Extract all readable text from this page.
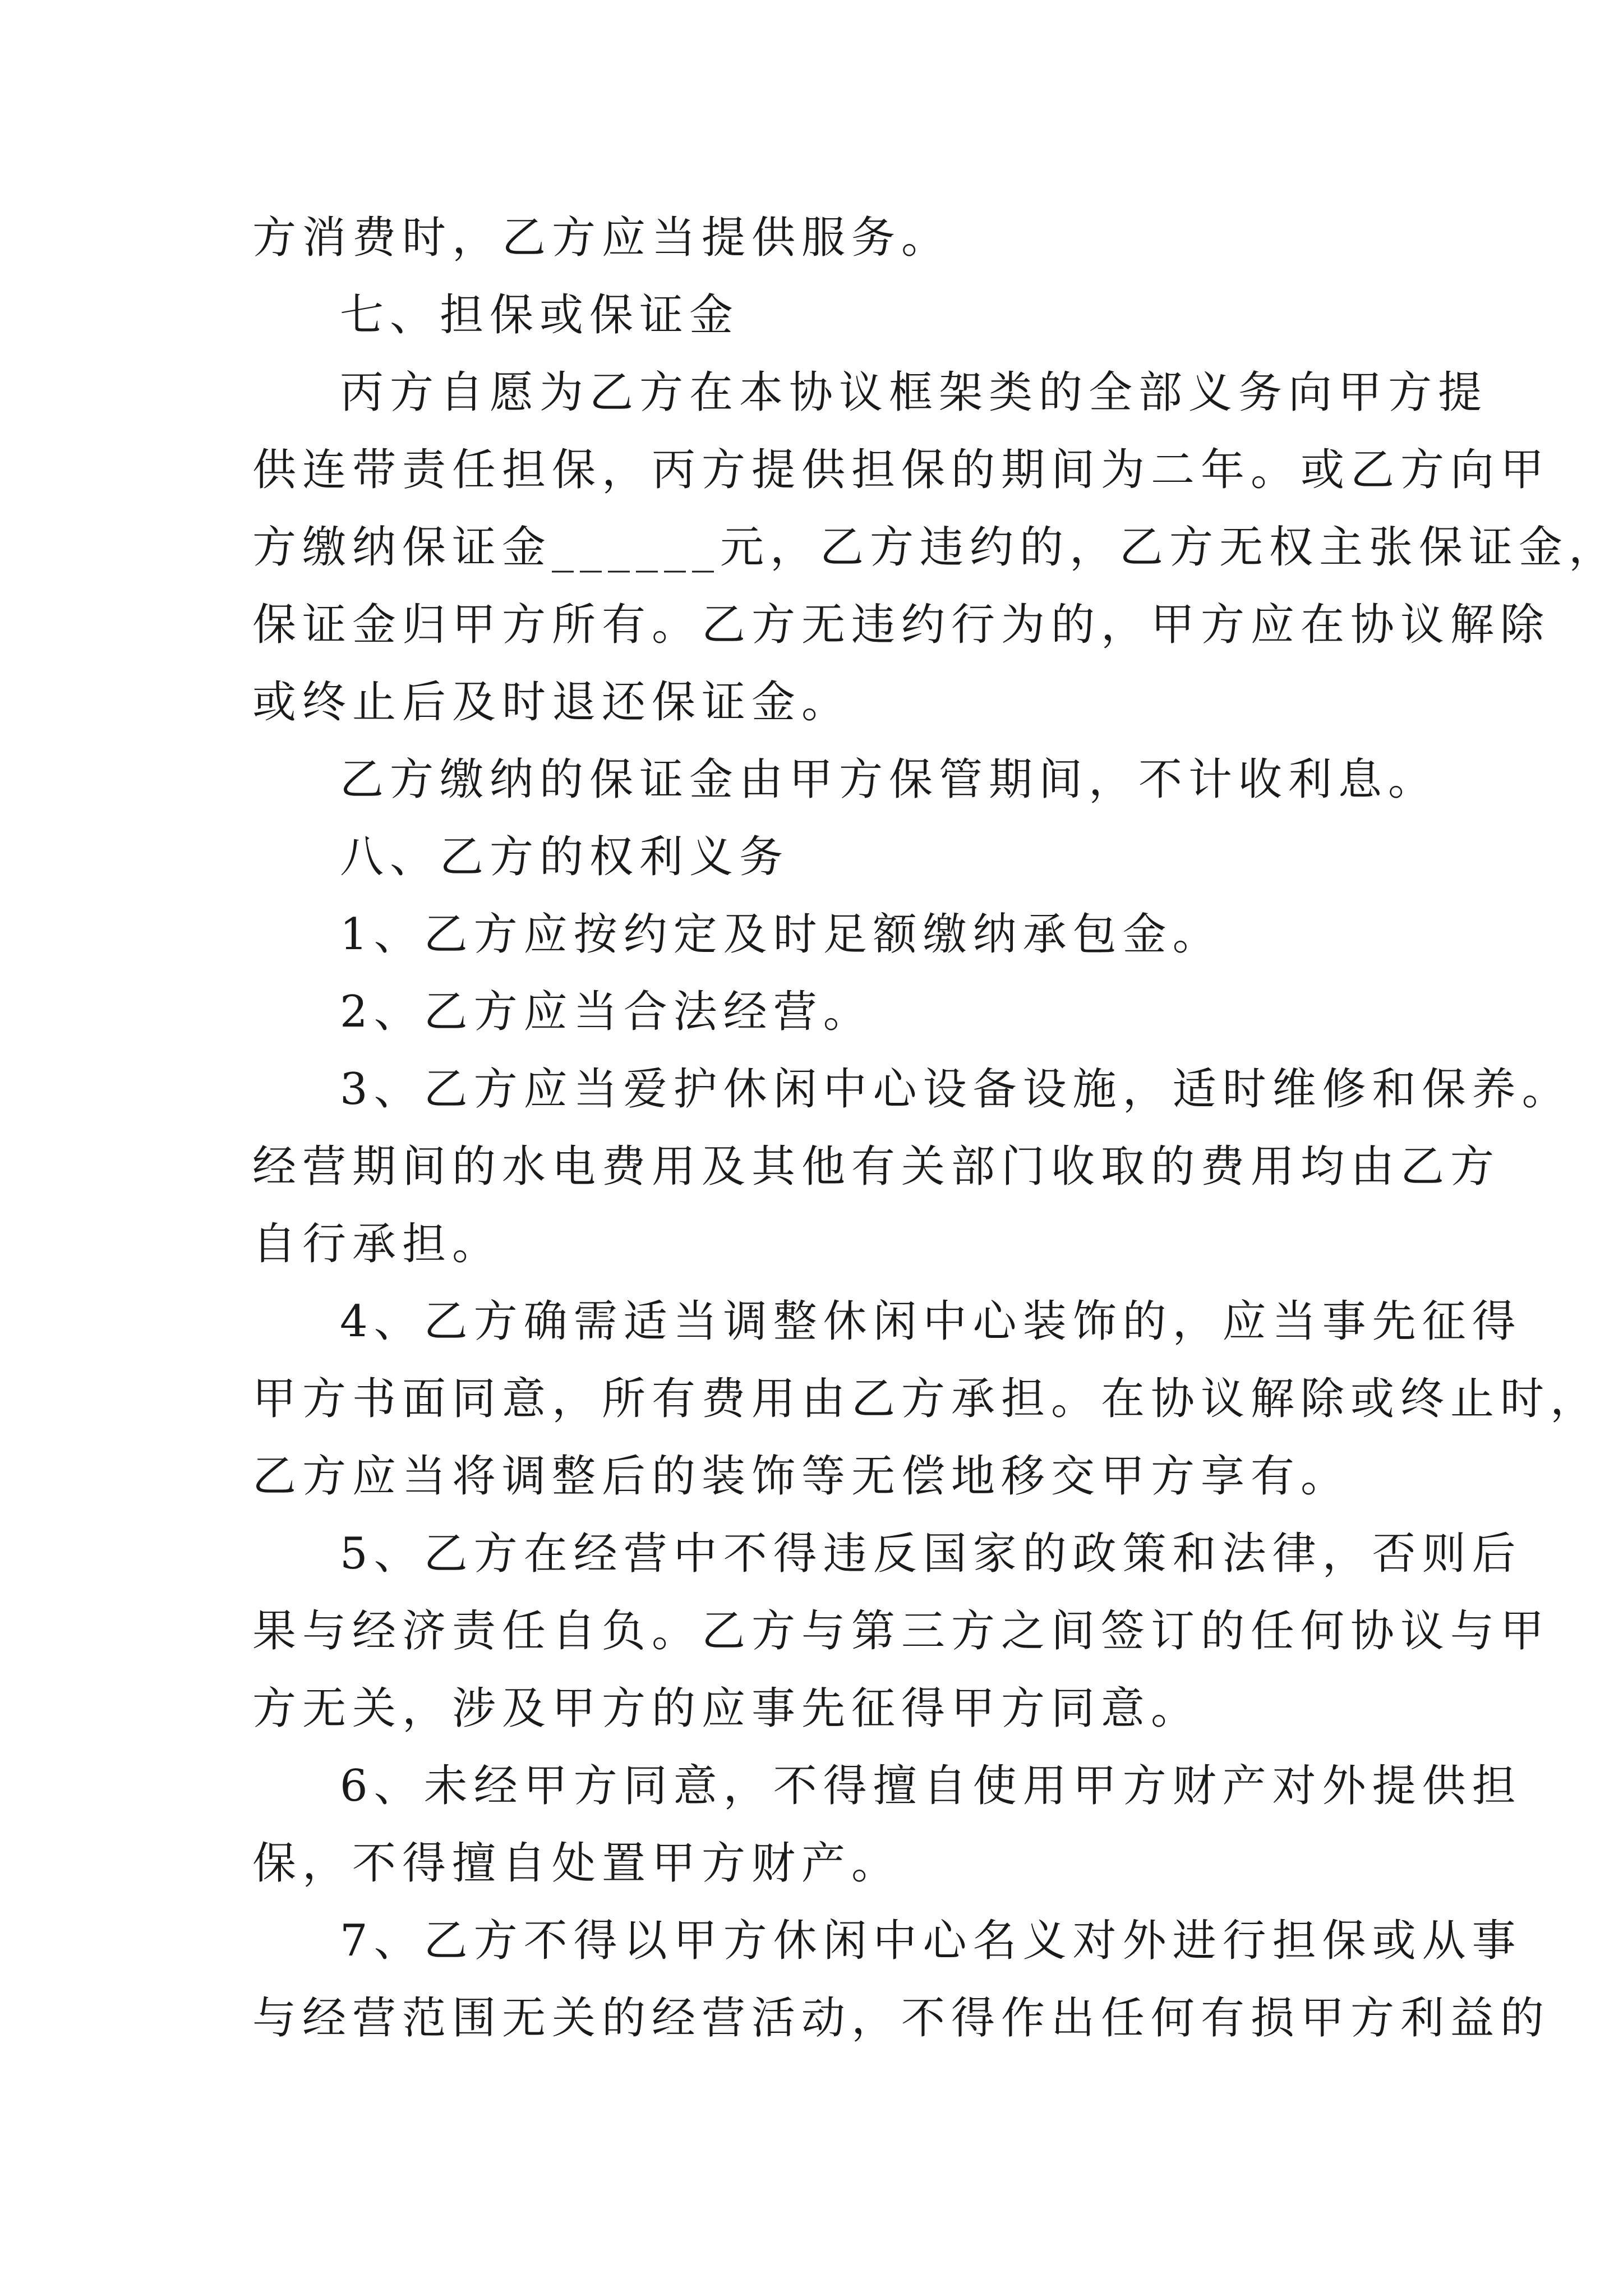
方消费时，乙方应当提供服务。
七、担保或保证金
丙方自愿为乙方在本协议框架类的全部义务向甲方提
供连带责任担保，丙方提供担保的期间为二年。或乙方向甲
方缴纳保证金______元，乙方违约的，乙方无权主张保证金，
保证金归甲方所有。乙方无违约行为的，甲方应在协议解除
或终止后及时退还保证金。
乙方缴纳的保证金由甲方保管期间，不计收利息。
八、乙方的权利义务
1、乙方应按约定及时足额缴纳承包金。
2、乙方应当合法经营。
3、乙方应当爱护休闲中心设备设施，适时维修和保养。
经营期间的水电费用及其他有关部门收取的费用均由乙方
自行承担。
4、乙方确需适当调整休闲中心装饰的，应当事先征得
甲方书面同意，所有费用由乙方承担。在协议解除或终止时，
乙方应当将调整后的装饰等无偿地移交甲方享有。
5、乙方在经营中不得违反国家的政策和法律，否则后
果与经济责任自负。乙方与第三方之间签订的任何协议与甲
方无关，涉及甲方的应事先征得甲方同意。
6、未经甲方同意，不得擅自使用甲方财产对外提供担
保，不得擅自处置甲方财产。
7、乙方不得以甲方休闲中心名义对外进行担保或从事
与经营范围无关的经营活动，不得作出任何有损甲方利益的
